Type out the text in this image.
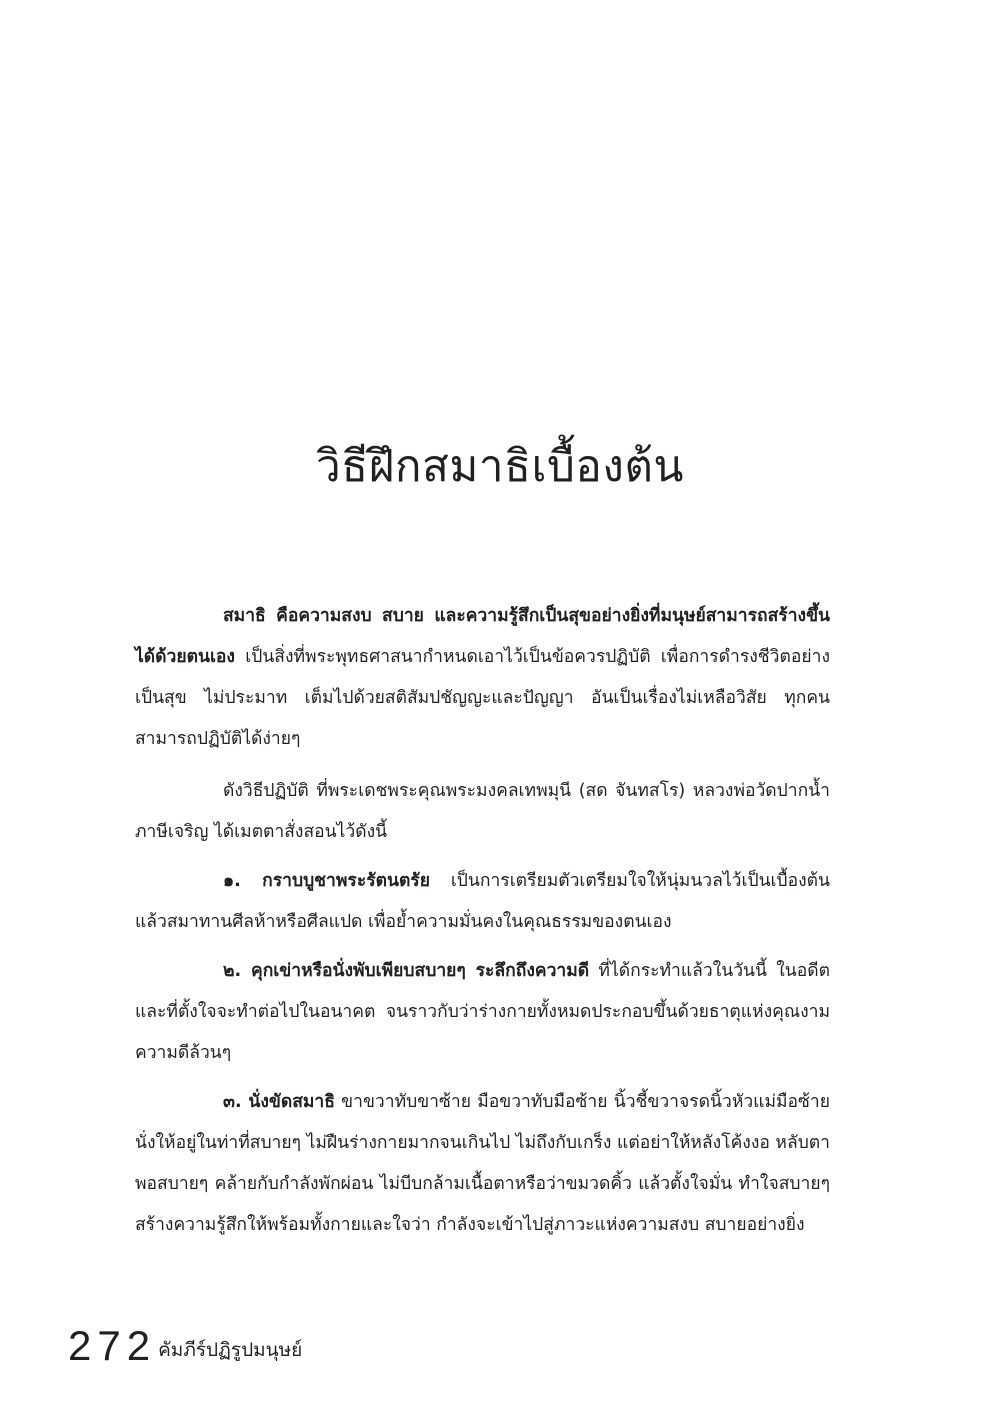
วิธีฝึกสมาธิเบื้องต้น

สมาธิ คือความสงบ สบาย และความรู้สึกเป็นสุขอย่างยิ่งที่มนุษย์สามารถสร้างขึ้นได้ด้วยตนเอง เป็นสิ่งที่พระพุทธศาสนากำหนดเอาไว้เป็นข้อควรปฏิบัติ เพื่อการดำรงชีวิตอย่างเป็นสุข ไม่ประมาท เต็มไปด้วยสติสัมปชัญญะและปัญญา อันเป็นเรื่องไม่เหลือวิสัย ทุกคนสามารถปฏิบัติได้ง่ายๆ

ดังวิธีปฏิบัติ ที่พระเดชพระคุณพระมงคลเทพมุนี (สด จันทสโร) หลวงพ่อวัดปากน้ำ ภาษีเจริญ ได้เมตตาสั่งสอนไว้ดังนี้

๑. กราบบูชาพระรัตนตรัย เป็นการเตรียมตัวเตรียมใจให้นุ่มนวลไว้เป็นเบื้องต้น แล้วสมาทานศีลห้าหรือศีลแปด เพื่อย้ำความมั่นคงในคุณธรรมของตนเอง

๒. คุกเข่าหรือนั่งพับเพียบสบายๆ ระลึกถึงความดี ที่ได้กระทำแล้วในวันนี้ ในอดีต และที่ตั้งใจจะทำต่อไปในอนาคต จนราวกับว่าร่างกายทั้งหมดประกอบขึ้นด้วยธาตุแห่งคุณงามความดีล้วนๆ

๓. นั่งขัดสมาธิ ขาขวาทับขาซ้าย มือขวาทับมือซ้าย นิ้วชี้ขวาจรดนิ้วหัวแม่มือซ้าย นั่งให้อยู่ในท่าที่สบายๆ ไม่ฝืนร่างกายมากจนเกินไป ไม่ถึงกับเกร็ง แต่อย่าให้หลังโค้งงอ หลับตาพอสบายๆ คล้ายกับกำลังพักผ่อน ไม่บีบกล้ามเนื้อตาหรือว่าขมวดคิ้ว แล้วตั้งใจมั่น ทำใจสบายๆ สร้างความรู้สึกให้พร้อมทั้งกายและใจว่า กำลังจะเข้าไปสู่ภาวะแห่งความสงบ สบายอย่างยิ่ง

272 คัมภีร์ปฏิรูปมนุษย์
